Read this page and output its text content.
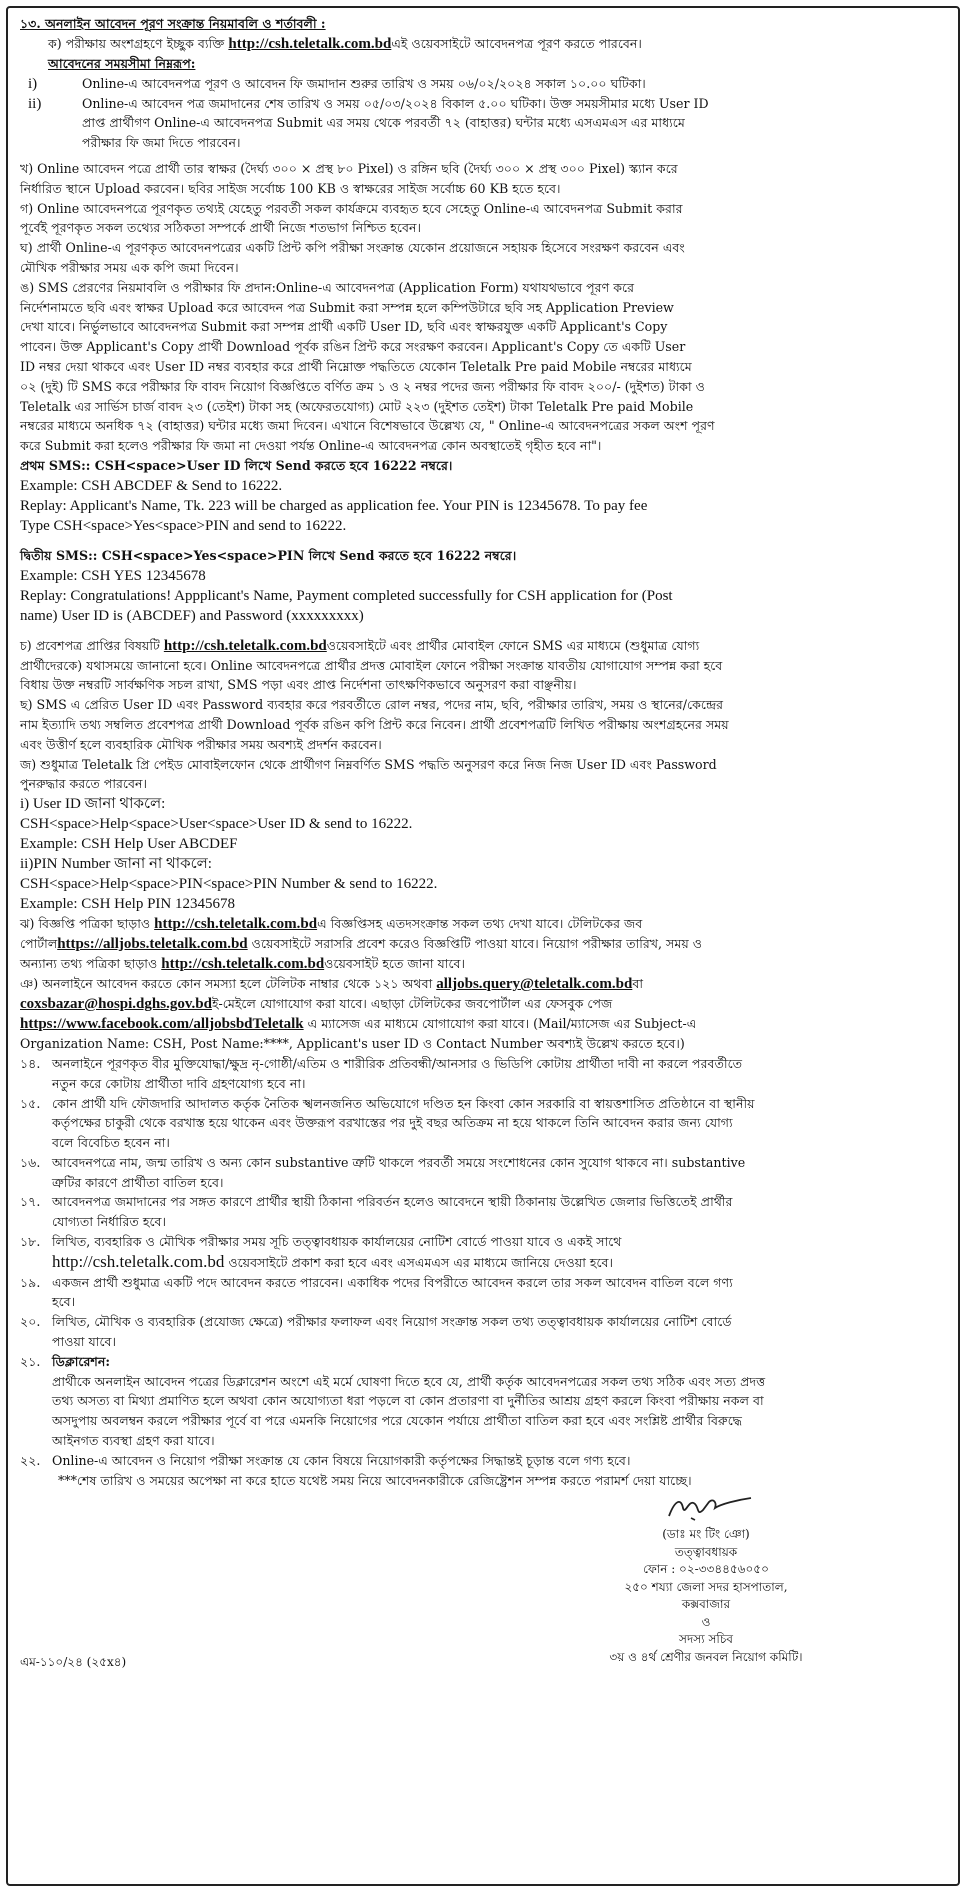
১৩. অনলাইন আবেদন পূরণ সংক্রান্ত নিয়মাবলি ও শর্তাবলী :

ক) পরীক্ষায় অংশগ্রহণে ইচ্ছুক ব্যক্তি http://csh.teletalk.com.bdএই ওয়েবসাইটে আবেদনপত্র পূরণ করতে পারবেন।

আবেদনের সময়সীমা নিম্নরূপ:

i)	Online-এ আবেদনপত্র পূরণ ও আবেদন ফি জমাদান শুরুর তারিখ ও সময় ০৬/০২/২০২৪ সকাল ১০.০০ ঘটিকা।
ii)	Online-এ আবেদন পত্র জমাদানের শেষ তারিখ ও সময় ০৫/০৩/২০২৪ বিকাল ৫.০০ ঘটিকা। উক্ত সময়সীমার মধ্যে User ID
প্রাপ্ত প্রার্থীগণ Online-এ আবেদনপত্র Submit এর সময় থেকে পরবর্তী ৭২ (বাহাত্তর) ঘন্টার মধ্যে এসএমএস এর মাধ্যমে
পরীক্ষার ফি জমা দিতে পারবেন।

খ) Online আবেদন পত্রে প্রার্থী তার স্বাক্ষর (দৈর্ঘ্য ৩০০ × প্রস্থ ৮০ Pixel) ও রঙ্গিন ছবি (দৈর্ঘ্য ৩০০ × প্রস্থ ৩০০ Pixel) স্ক্যান করে
নির্ধারিত স্থানে Upload করবেন। ছবির সাইজ সর্বোচ্চ 100 KB ও স্বাক্ষরের সাইজ সর্বোচ্চ 60 KB হতে হবে।

গ) Online আবেদনপত্রে পূরণকৃত তথ্যই যেহেতু পরবর্তী সকল কার্যক্রমে ব্যবহৃত হবে সেহেতু Online-এ আবেদনপত্র Submit করার
পূর্বেই পূরণকৃত সকল তথ্যের সঠিকতা সম্পর্কে প্রার্থী নিজে শতভাগ নিশ্চিত হবেন।

ঘ) প্রার্থী Online-এ পূরণকৃত আবেদনপত্রের একটি প্রিন্ট কপি পরীক্ষা সংক্রান্ত যেকোন প্রয়োজনে সহায়ক হিসেবে সংরক্ষণ করবেন এবং
মৌখিক পরীক্ষার সময় এক কপি জমা দিবেন।

ঙ) SMS প্রেরণের নিয়মাবলি ও পরীক্ষার ফি প্রদান:Online-এ আবেদনপত্র (Application Form) যথাযথভাবে পূরণ করে
নির্দেশনামতে ছবি এবং স্বাক্ষর Upload করে আবেদন পত্র Submit করা সম্পন্ন হলে কম্পিউটারে ছবি সহ Application Preview
দেখা যাবে। নির্ভুলভাবে আবেদনপত্র Submit করা সম্পন্ন প্রার্থী একটি User ID, ছবি এবং স্বাক্ষরযুক্ত একটি Applicant's Copy
পাবেন। উক্ত Applicant's Copy প্রার্থী Download পূর্বক রঙিন প্রিন্ট করে সংরক্ষণ করবেন। Applicant's Copy তে একটি User
ID নম্বর দেয়া থাকবে এবং User ID নম্বর ব্যবহার করে প্রার্থী নিম্নোক্ত পদ্ধতিতে যেকোন Teletalk Pre paid Mobile নম্বরের মাধ্যমে
০২ (দুই) টি SMS করে পরীক্ষার ফি বাবদ নিয়োগ বিজ্ঞপ্তিতে বর্ণিত ক্রম ১ ও ২ নম্বর পদের জন্য পরীক্ষার ফি বাবদ ২০০/- (দুইশত) টাকা ও
Teletalk এর সার্ভিস চার্জ বাবদ ২৩ (তেইশ) টাকা সহ (অফেরতযোগ্য) মোট ২২৩ (দুইশত তেইশ) টাকা Teletalk Pre paid Mobile
নম্বরের মাধ্যমে অনধিক ৭২ (বাহাত্তর) ঘন্টার মধ্যে জমা দিবেন। এখানে বিশেষভাবে উল্লেখ্য যে, " Online-এ আবেদনপত্রের সকল অংশ পূরণ
করে Submit করা হলেও পরীক্ষার ফি জমা না দেওয়া পর্যন্ত Online-এ আবেদনপত্র কোন অবস্থাতেই গৃহীত হবে না"।

প্রথম SMS:: CSH<space>User ID লিখে Send করতে হবে 16222 নম্বরে।

Example: CSH ABCDEF & Send to 16222.

Replay: Applicant's Name, Tk. 223 will be charged as application fee. Your PIN is 12345678. To pay fee
Type CSH<space>Yes<space>PIN and send to 16222.

দ্বিতীয় SMS:: CSH<space>Yes<space>PIN লিখে Send করতে হবে 16222 নম্বরে।

Example: CSH YES 12345678

Replay: Congratulations! Appplicant's Name, Payment completed successfully for CSH application for (Post
name) User ID is (ABCDEF) and Password (xxxxxxxxx)

চ) প্রবেশপত্র প্রাপ্তির বিষয়টি http://csh.teletalk.com.bdওয়েবসাইটে এবং প্রার্থীর মোবাইল ফোনে SMS এর মাধ্যমে (শুধুমাত্র যোগ্য
প্রার্থীদেরকে) যথাসময়ে জানানো হবে। Online আবেদনপত্রে প্রার্থীর প্রদত্ত মোবাইল ফোনে পরীক্ষা সংক্রান্ত যাবতীয় যোগাযোগ সম্পন্ন করা হবে
বিধায় উক্ত নম্বরটি সার্বক্ষণিক সচল রাখা, SMS পড়া এবং প্রাপ্ত নির্দেশনা তাৎক্ষণিকভাবে অনুসরণ করা বাঞ্ছনীয়।

ছ) SMS এ প্রেরিত User ID এবং Password ব্যবহার করে পরবর্তীতে রোল নম্বর, পদের নাম, ছবি, পরীক্ষার তারিখ, সময় ও স্থানের/কেন্দ্রের
নাম ইত্যাদি তথ্য সম্বলিত প্রবেশপত্র প্রার্থী Download পূর্বক রঙিন কপি প্রিন্ট করে নিবেন। প্রার্থী প্রবেশপত্রটি লিখিত পরীক্ষায় অংশগ্রহনের সময়
এবং উত্তীর্ণ হলে ব্যবহারিক মৌখিক পরীক্ষার সময় অবশ্যই প্রদর্শন করবেন।

জ) শুধুমাত্র Teletalk প্রি পেইড মোবাইলফোন থেকে প্রার্থীগণ নিম্নবর্ণিত SMS পদ্ধতি অনুসরণ করে নিজ নিজ User ID এবং Password
পুনরুদ্ধার করতে পারবেন।

i) User ID জানা থাকলে:

CSH<space>Help<space>User<space>User ID & send to 16222.

Example: CSH Help User ABCDEF

ii)PIN Number জানা না থাকলে:

CSH<space>Help<space>PIN<space>PIN Number & send to 16222.

Example: CSH Help PIN 12345678

ঝ) বিজ্ঞপ্তি পত্রিকা ছাড়াও http://csh.teletalk.com.bdএ বিজ্ঞপ্তিসহ এতদসংক্রান্ত সকল তথ্য দেখা যাবে। টেলিটকের জব
পোর্টালhttps://alljobs.teletalk.com.bd ওয়েবসাইটে সরাসরি প্রবেশ করেও বিজ্ঞপ্তিটি পাওয়া যাবে। নিয়োগ পরীক্ষার তারিখ, সময় ও
অন্যান্য তথ্য পত্রিকা ছাড়াও http://csh.teletalk.com.bdওয়েবসাইট হতে জানা যাবে।

ঞ) অনলাইনে আবেদন করতে কোন সমস্যা হলে টেলিটক নাম্বার থেকে ১২১ অথবা alljobs.query@teletalk.com.bdবা
coxsbazar@hospi.dghs.gov.bdই-মেইলে যোগাযোগ করা যাবে। এছাড়া টেলিটকের জবপোর্টাল এর ফেসবুক পেজ
https://www.facebook.com/alljobsbdTeletalk এ ম্যাসেজ এর মাধ্যমে যোগাযোগ করা যাবে। (Mail/ম্যাসেজ এর Subject-এ
Organization Name: CSH, Post Name:****, Applicant's user ID ও Contact Number অবশ্যই উল্লেখ করতে হবে।)

১৪. অনলাইনে পূরণকৃত বীর মুক্তিযোদ্ধা/ক্ষুদ্র নৃ-গোষ্ঠী/এতিম ও শারীরিক প্রতিবন্ধী/আনসার ও ভিডিপি কোটায় প্রার্থীতা দাবী না করলে পরবর্তীতে
নতুন করে কোটায় প্রার্থীতা দাবি গ্রহণযোগ্য হবে না।
১৫. কোন প্রার্থী যদি ফৌজদারি আদালত কর্তৃক নৈতিক স্খলনজনিত অভিযোগে দণ্ডিত হন কিংবা কোন সরকারি বা স্বায়ত্তশাসিত প্রতিষ্ঠানে বা স্থানীয়
কর্তৃপক্ষের চাকুরী থেকে বরখাস্ত হয়ে থাকেন এবং উক্তরূপ বরখাস্তের পর দুই বছর অতিক্রম না হয়ে থাকলে তিনি আবেদন করার জন্য যোগ্য
বলে বিবেচিত হবেন না।
১৬. আবেদনপত্রে নাম, জন্ম তারিখ ও অন্য কোন substantive ত্রুটি থাকলে পরবর্তী সময়ে সংশোধনের কোন সুযোগ থাকবে না। substantive
ত্রুটির কারণে প্রার্থীতা বাতিল হবে।
১৭. আবেদনপত্র জমাদানের পর সঙ্গত কারণে প্রার্থীর স্থায়ী ঠিকানা পরিবর্তন হলেও আবেদনে স্থায়ী ঠিকানায় উল্লেখিত জেলার ভিত্তিতেই প্রার্থীর
যোগ্যতা নির্ধারিত হবে।
১৮. লিখিত, ব্যবহারিক ও মৌখিক পরীক্ষার সময় সূচি তত্ত্বাবধায়ক কার্যালয়ের নোটিশ বোর্ডে পাওয়া যাবে ও একই সাথে
http://csh.teletalk.com.bd ওয়েবসাইটে প্রকাশ করা হবে এবং এসএমএস এর মাধ্যমে জানিয়ে দেওয়া হবে।
১৯. একজন প্রার্থী শুধুমাত্র একটি পদে আবেদন করতে পারবেন। একাধিক পদের বিপরীতে আবেদন করলে তার সকল আবেদন বাতিল বলে গণ্য
হবে।
২০. লিখিত, মৌখিক ও ব্যবহারিক (প্রযোজ্য ক্ষেত্রে) পরীক্ষার ফলাফল এবং নিয়োগ সংক্রান্ত সকল তথ্য তত্ত্বাবধায়ক কার্যালয়ের নোটিশ বোর্ডে
পাওয়া যাবে।
২১. ডিক্লারেশন:
প্রার্থীকে অনলাইন আবেদন পত্রের ডিক্লারেশন অংশে এই মর্মে ঘোষণা দিতে হবে যে, প্রার্থী কর্তৃক আবেদনপত্রের সকল তথ্য সঠিক এবং সত্য প্রদত্ত
তথ্য অসত্য বা মিথ্যা প্রমাণিত হলে অথবা কোন অযোগ্যতা ধরা পড়লে বা কোন প্রতারণা বা দুর্নীতির আশ্রয় গ্রহণ করলে কিংবা পরীক্ষায় নকল বা
অসদুপায় অবলম্বন করলে পরীক্ষার পূর্বে বা পরে এমনকি নিয়োগের পরে যেকোন পর্যায়ে প্রার্থীতা বাতিল করা হবে এবং সংশ্লিষ্ট প্রার্থীর বিরুদ্ধে
আইনগত ব্যবস্থা গ্রহণ করা যাবে।
২২. Online-এ আবেদন ও নিয়োগ পরীক্ষা সংক্রান্ত যে কোন বিষয়ে নিয়োগকারী কর্তৃপক্ষের সিদ্ধান্তই চূড়ান্ত বলে গণ্য হবে।
***শেষ তারিখ ও সময়ের অপেক্ষা না করে হাতে যথেষ্ট সময় নিয়ে আবেদনকারীকে রেজিষ্ট্রেশন সম্পন্ন করতে পরামর্শ দেয়া যাচ্ছে।
(ডাঃ মং টিং ঞো)
তত্ত্বাবধায়ক
ফোন : ০২-৩৩৪৪৫৬০৫০
২৫০ শয্যা জেলা সদর হাসপাতাল,
কক্সবাজার
ও
সদস্য সচিব
৩য় ও ৪র্থ শ্রেণীর জনবল নিয়োগ কমিটি।
এম-১১০/২৪ (২৫x৪)
